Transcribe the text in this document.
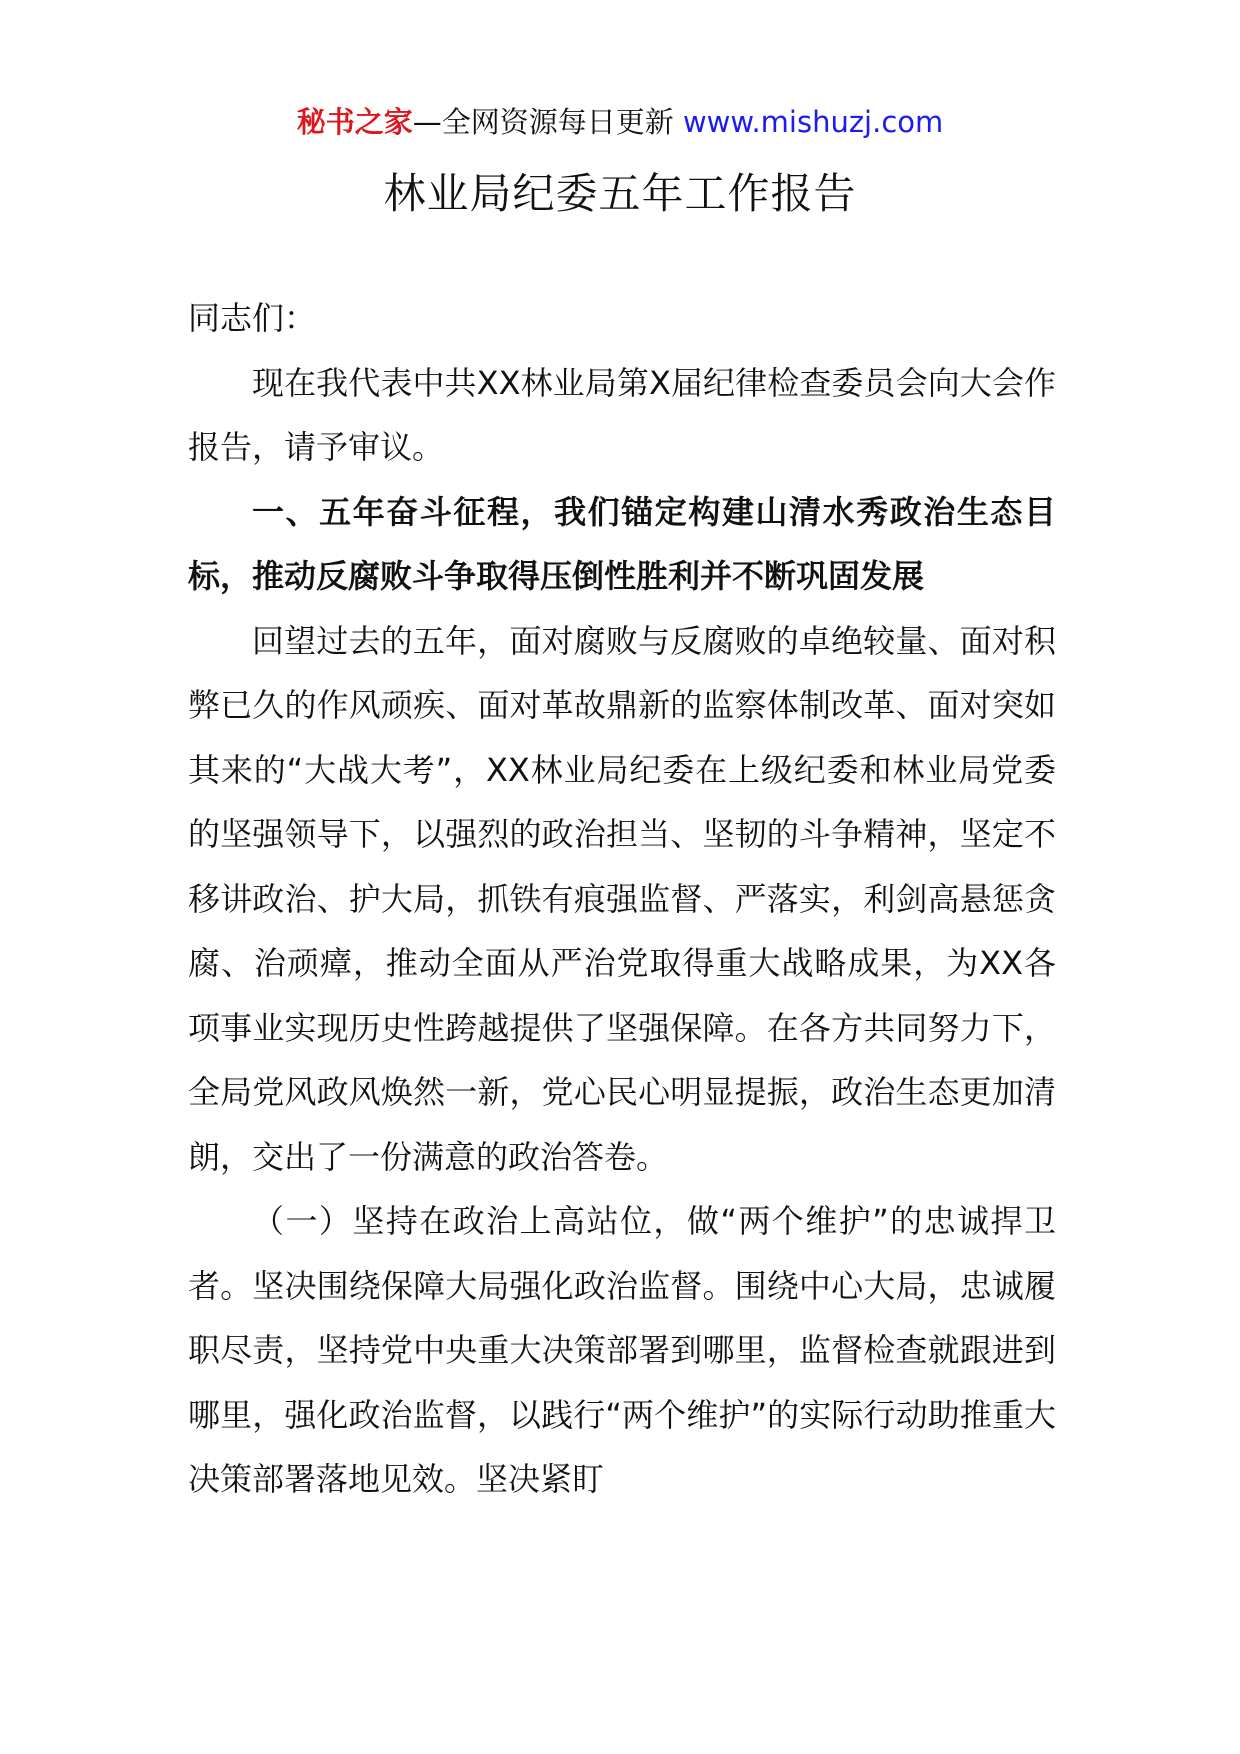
秘书之家—全网资源每日更新 www.mishuzj.com
林业局纪委五年工作报告

同志们：

现在我代表中共XX林业局第X届纪律检查委员会向大会作报告，请予审议。

一、五年奋斗征程，我们锚定构建山清水秀政治生态目标，推动反腐败斗争取得压倒性胜利并不断巩固发展

回望过去的五年，面对腐败与反腐败的卓绝较量、面对积弊已久的作风顽疾、面对革故鼎新的监察体制改革、面对突如其来的“大战大考”，XX林业局纪委在上级纪委和林业局党委的坚强领导下，以强烈的政治担当、坚韧的斗争精神，坚定不移讲政治、护大局，抓铁有痕强监督、严落实，利剑高悬惩贪腐、治顽瘴，推动全面从严治党取得重大战略成果，为XX各项事业实现历史性跨越提供了坚强保障。在各方共同努力下，全局党风政风焕然一新，党心民心明显提振，政治生态更加清朗，交出了一份满意的政治答卷。

（一）坚持在政治上高站位，做“两个维护”的忠诚捍卫者。坚决围绕保障大局强化政治监督。围绕中心大局，忠诚履职尽责，坚持党中央重大决策部署到哪里，监督检查就跟进到哪里，强化政治监督，以践行“两个维护”的实际行动助推重大决策部署落地见效。坚决紧盯
